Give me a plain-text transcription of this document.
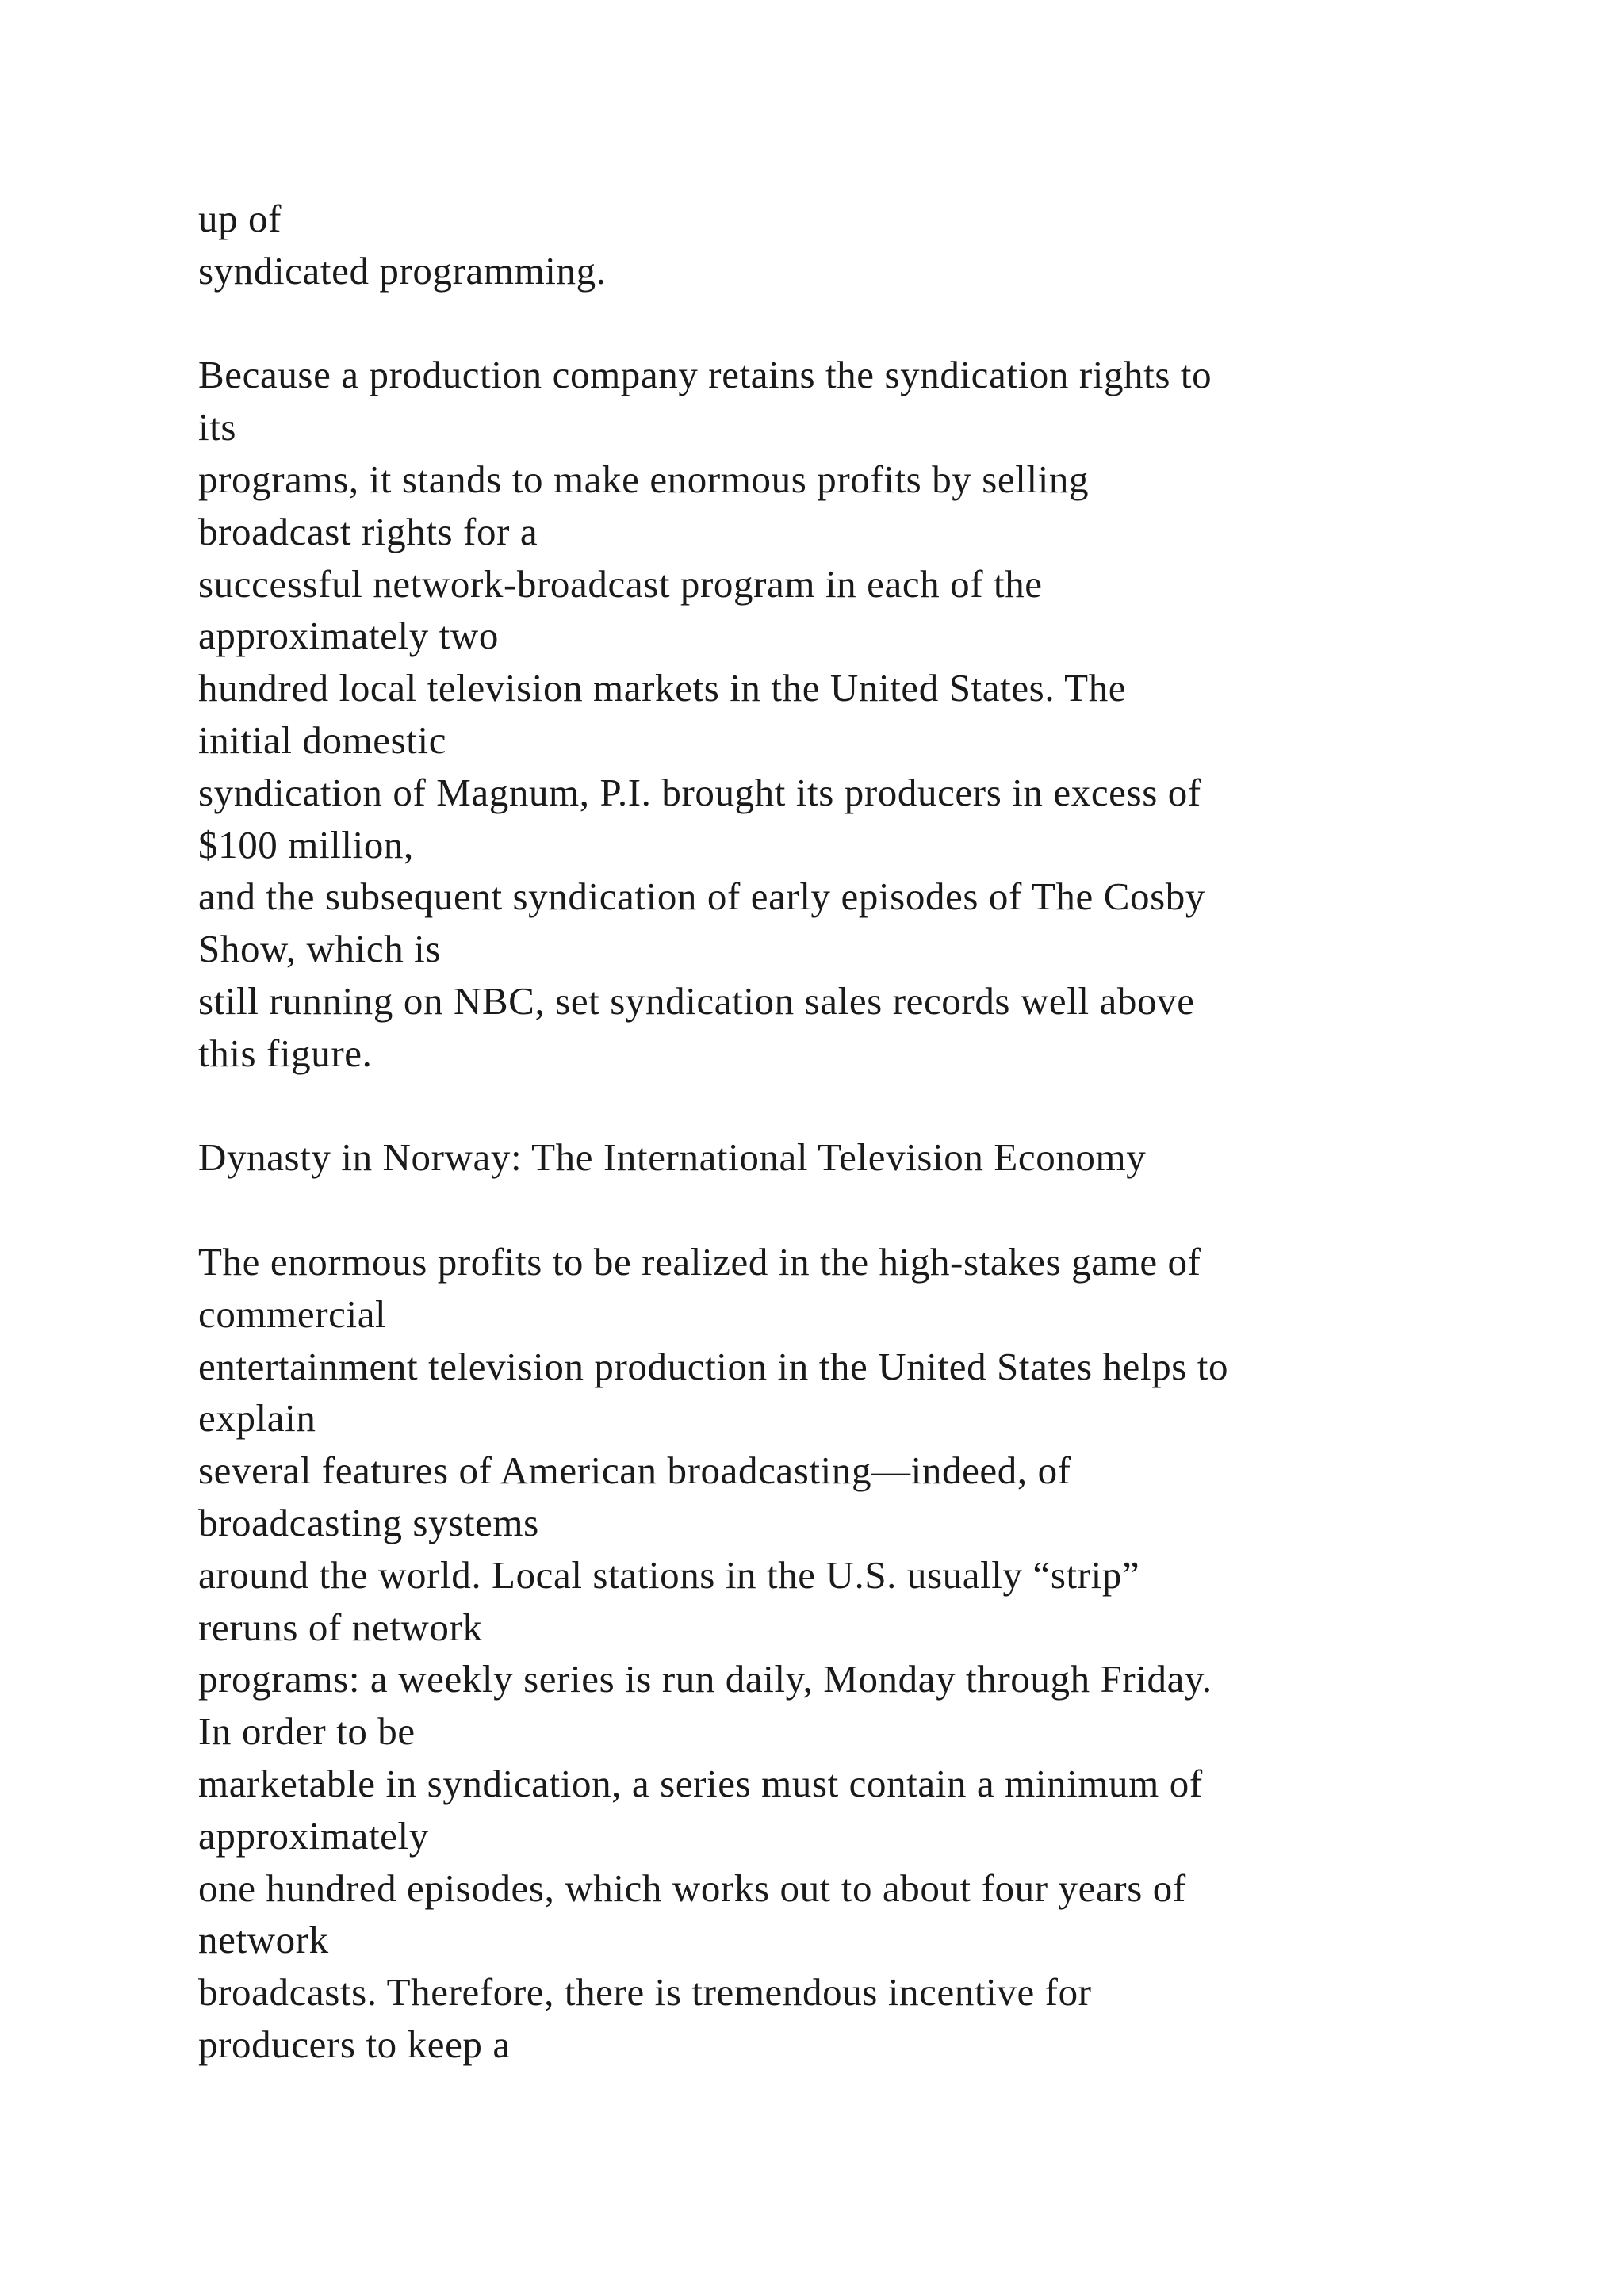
up of
syndicated programming.
Because a production company retains the syndication rights to
its
programs, it stands to make enormous profits by selling
broadcast rights for a
successful network-broadcast program in each of the
approximately two
hundred local television markets in the United States. The
initial domestic
syndication of Magnum, P.I. brought its producers in excess of
$100 million,
and the subsequent syndication of early episodes of The Cosby
Show, which is
still running on NBC, set syndication sales records well above
this figure.
Dynasty in Norway: The International Television Economy
The enormous profits to be realized in the high-stakes game of
commercial
entertainment television production in the United States helps to
explain
several features of American broadcasting—indeed, of
broadcasting systems
around the world. Local stations in the U.S. usually “strip”
reruns of network
programs: a weekly series is run daily, Monday through Friday.
In order to be
marketable in syndication, a series must contain a minimum of
approximately
one hundred episodes, which works out to about four years of
network
broadcasts. Therefore, there is tremendous incentive for
producers to keep a
